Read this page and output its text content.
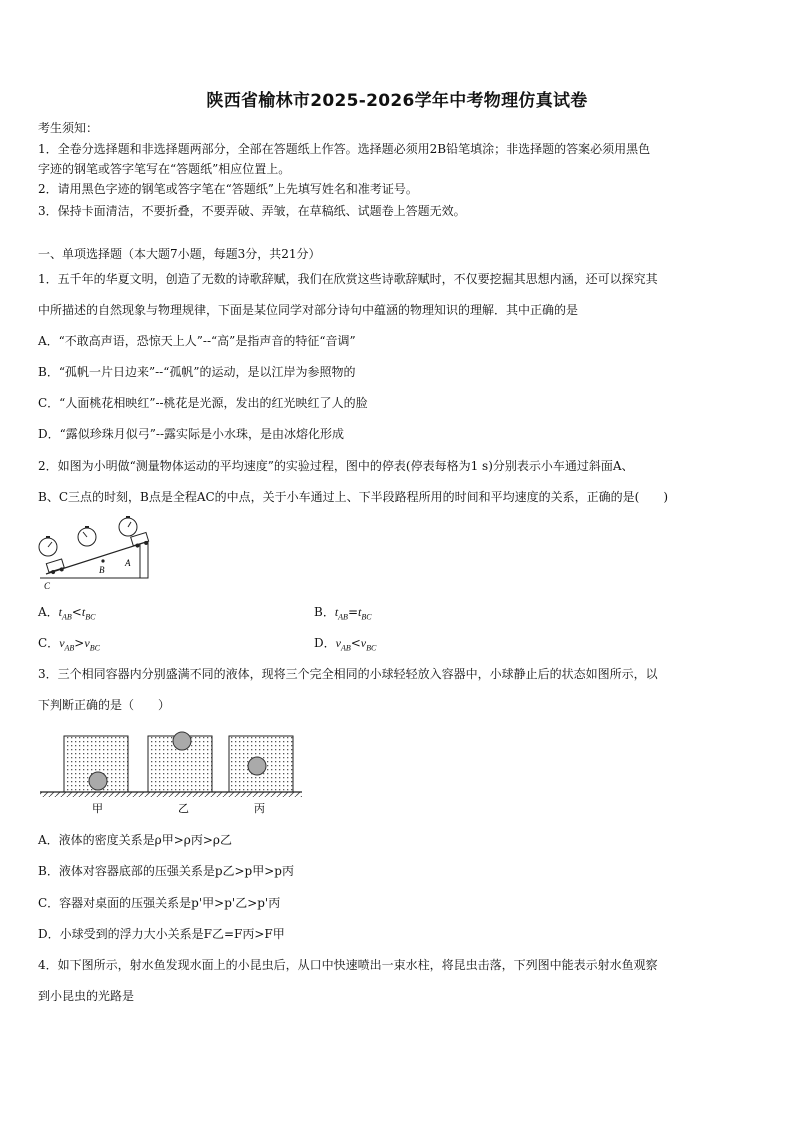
陕西省榆林市2025-2026学年中考物理仿真试卷
考生须知：
1．全卷分选择题和非选择题两部分，全部在答题纸上作答。选择题必须用2B铅笔填涂；非选择题的答案必须用黑色
字迹的钢笔或答字笔写在“答题纸”相应位置上。
2．请用黑色字迹的钢笔或答字笔在“答题纸”上先填写姓名和准考证号。
3．保持卡面清洁，不要折叠，不要弄破、弄皱，在草稿纸、试题卷上答题无效。
一、单项选择题（本大题7小题，每题3分，共21分）
1．五千年的华夏文明，创造了无数的诗歌辞赋，我们在欣赏这些诗歌辞赋时，不仅要挖掘其思想内涵，还可以探究其
中所描述的自然现象与物理规律，下面是某位同学对部分诗句中蕴涵的物理知识的理解．其中正确的是
A．“不敢高声语，恐惊天上人”--“高”是指声音的特征“音调”
B．“孤帆一片日边来”--“孤帆”的运动，是以江岸为参照物的
C．“人面桃花相映红”--桃花是光源，发出的红光映红了人的脸
D．“露似珍珠月似弓”--露实际是小水珠，是由冰熔化形成
2．如图为小明做“测量物体运动的平均速度”的实验过程，图中的停表(停表每格为1 s)分别表示小车通过斜面A、
B、C三点的时刻，B点是全程AC的中点，关于小车通过上、下半段路程所用的时间和平均速度的关系，正确的是(　　)
A
B
C
A．$t_{AB}<t_{BC}$	B．$t_{AB}=t_{BC}$
C．$v_{AB}>v_{BC}$	D．$v_{AB}<v_{BC}$
3．三个相同容器内分别盛满不同的液体，现将三个完全相同的小球轻轻放入容器中，小球静止后的状态如图所示，以
下判断正确的是（　　）
甲	乙	丙
A．液体的密度关系是ρ甲>ρ丙>ρ乙
B．液体对容器底部的压强关系是p乙>p甲>p丙
C．容器对桌面的压强关系是p'甲>p'乙>p'丙
D．小球受到的浮力大小关系是F乙=F丙>F甲
4．如下图所示，射水鱼发现水面上的小昆虫后，从口中快速喷出一束水柱，将昆虫击落，下列图中能表示射水鱼观察
到小昆虫的光路是
